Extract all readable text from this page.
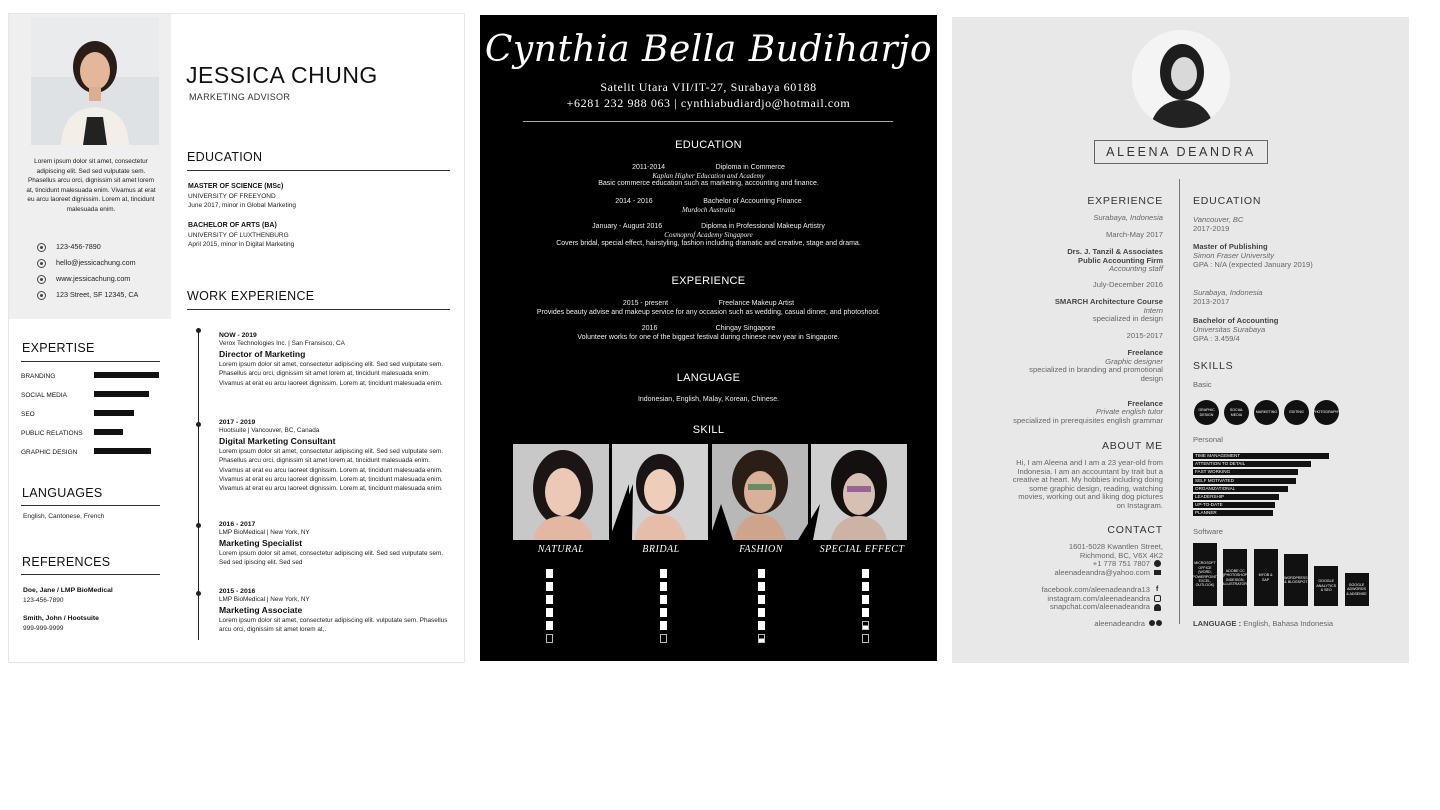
Lorem ipsum dolor sit amet, consectetur adipiscing elit. Sed sed vulputate sem. Phasellus arcu orci, dignissim sit amet lorem at, tincidunt malesuada enim. Vivamus at erat eu arcu laoreet dignissim. Lorem at, tincidunt malesuada enim.
123-456-7890
hello@jessicachung.com
www.jessicachung.com
123 Street, SF 12345, CA
JESSICA CHUNG
MARKETING ADVISOR
EDUCATION
MASTER OF SCIENCE (MSc)
UNIVERSITY OF FREEYOND
June 2017, minor in Global Marketing
BACHELOR OF ARTS (BA)
UNIVERSITY OF LUXTHENBURG
April 2015, minor in Digital Marketing
WORK EXPERIENCE
NOW - 2019
Verox Technologies Inc. | San Fransisco, CA
Director of Marketing
Lorem ipsum dolor sit amet, consectetur adipiscing elit. Sed sed vulputate sem. Phasellus arcu orci, dignissim sit amet lorem at, tincidunt malesuada enim. Vivamus at erat eu arcu laoreet dignissim. Lorem at, tincidunt malesuada enim.
2017 - 2019
Hootsuite | Vancouver, BC, Canada
Digital Marketing Consultant
Lorem ipsum dolor sit amet, consectetur adipiscing elit. Sed sed vulputate sem. Phasellus arcu orci, dignissim sit amet lorem at, tincidunt malesuada enim. Vivamus at erat eu arcu laoreet dignissim. Lorem at, tincidunt malesuada enim. Vivamus at erat eu arcu laoreet dignissim. Lorem at, tincidunt malesuada enim. Vivamus at erat eu arcu laoreet dignissim. Lorem at, tincidunt malesuada enim.
2016 - 2017
LMP BioMedical | New York, NY
Marketing Specialist
Lorem ipsum dolor sit amet, consectetur adipiscing elit. Sed sed vulputate sem. Sed sed ipiscing elit. Sed sed
2015 - 2016
LMP BioMedical | New York, NY
Marketing Associate
Lorem ipsum dolor sit amet, consectetur adipiscing elit. vulputate sem. Phasellus arcu orci, dignissim sit amet lorem at,.
EXPERTISE
BRANDING
SOCIAL MEDIA
SEO
PUBLIC RELATIONS
GRAPHIC DESIGN
LANGUAGES
English, Cantonese, French
REFERENCES
Doe, Jane / LMP BioMedical
123-456-7890
Smith, John / Hootsuite
999-999-9999
Cynthia Bella Budiharjo
Satelit Utara VII/IT-27, Surabaya 60188
+6281 232 988 063 | cynthiabudiardjo@hotmail.com
EDUCATION
2011-2014                          Diploma in Commerce
Kaplan Higher Education and Academy
Basic commerce education such as marketing, accounting and finance.
2014 - 2016                          Bachelor of Accounting Finance
Murdoch Australia
January - August 2016                    Diploma in Professional Makeup Artistry
Cosmoprof Academy Singapore
Covers bridal, special effect, hairstyling, fashion including dramatic and creative, stage and drama.
EXPERIENCE
2015 - present                          Freelance Makeup Artist
Provides beauty advise and makeup service for any occasion such as wedding, casual dinner, and photoshoot.
2016                              Chingay Singapore
Volunteer works for one of the biggest festival during chinese new year in Singapore.
LANGUAGE
Indonesian, English, Malay, Korean, Chinese.
SKILL
NATURAL	BRIDAL	FASHION	SPECIAL EFFECT
ALEENA DEANDRA
EXPERIENCE
Surabaya, Indonesia
March-May 2017
Drs. J. Tanzil & Associates
Public Accounting Firm
Accounting staff
July-December 2016
SMARCH Architecture Course
Intern
specialized in design
2015-2017
Freelance
Graphic designer
specialized in branding and promotional
design
Freelance
Private english tutor
specialized in prerequisites english grammar
ABOUT ME
Hi, I am Aleena and I am a 23 year-old from
Indonesia. I am an accountant by trait but a
creative at heart. My hobbies including doing
some graphic design, reading, watching
movies, working out and liking dog pictures
on Instagram.
CONTACT
1601-5028 Kwantlen Street,
Richmond, BC, V6X 4K2
+1 778 751 7807
aleenadeandra@yahoo.com
facebook.com/aleenadeandra13 f
instagram.com/aleenadeandra
snapchat.com/aleenadeandra
aleenadeandra
EDUCATION
Vancouver, BC
2017-2019
Master of Publishing
Simon Fraser University
GPA : N/A (expected January 2019)
Surabaya, Indonesia
2013-2017
Bachelor of Accounting
Universitas Surabaya
GPA : 3.459/4
SKILLS
Basic
GRAPHIC DESIGN
SOCIAL MEDIA
MARKETING	EDITING	PHOTOGRAPHY
Personal
TIME MANAGEMENT
ATTENTION TO DETAIL
FAST WORKING
SELF MOTIVATED
ORGANIZATIONAL
LEADERSHIP
UP-TO-DATE
PLANNER
Software
MICROSOFT OFFICE (WORD, POWERPOINT, EXCEL, OUTLOOK)
ADOBE CC (PHOTOSHOP, INDESIGN, ILLUSTRATOR)
MYOB & SAP	WORDPRESS & BLOGSPOT	GOOGLE ANALYTICS & SEO
GOOGLE ADWORDS & ADSENSE
LANGUAGE : English, Bahasa Indonesia
